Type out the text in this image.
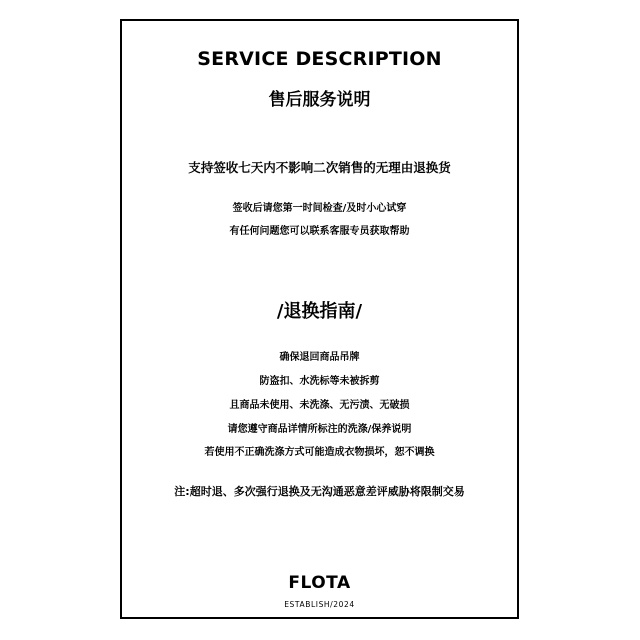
SERVICE DESCRIPTION
售后服务说明
支持签收七天内不影响二次销售的无理由退换货
签收后请您第一时间检查/及时小心试穿
有任何问题您可以联系客服专员获取帮助
/退换指南/
确保退回商品吊牌
防盗扣、水洗标等未被拆剪
且商品未使用、未洗涤、无污渍、无破损
请您遵守商品详情所标注的洗涤/保养说明
若使用不正确洗涤方式可能造成衣物损坏，恕不调换
注:超时退、多次强行退换及无沟通恶意差评威胁将限制交易
FLOTA
ESTABLISH/2024
